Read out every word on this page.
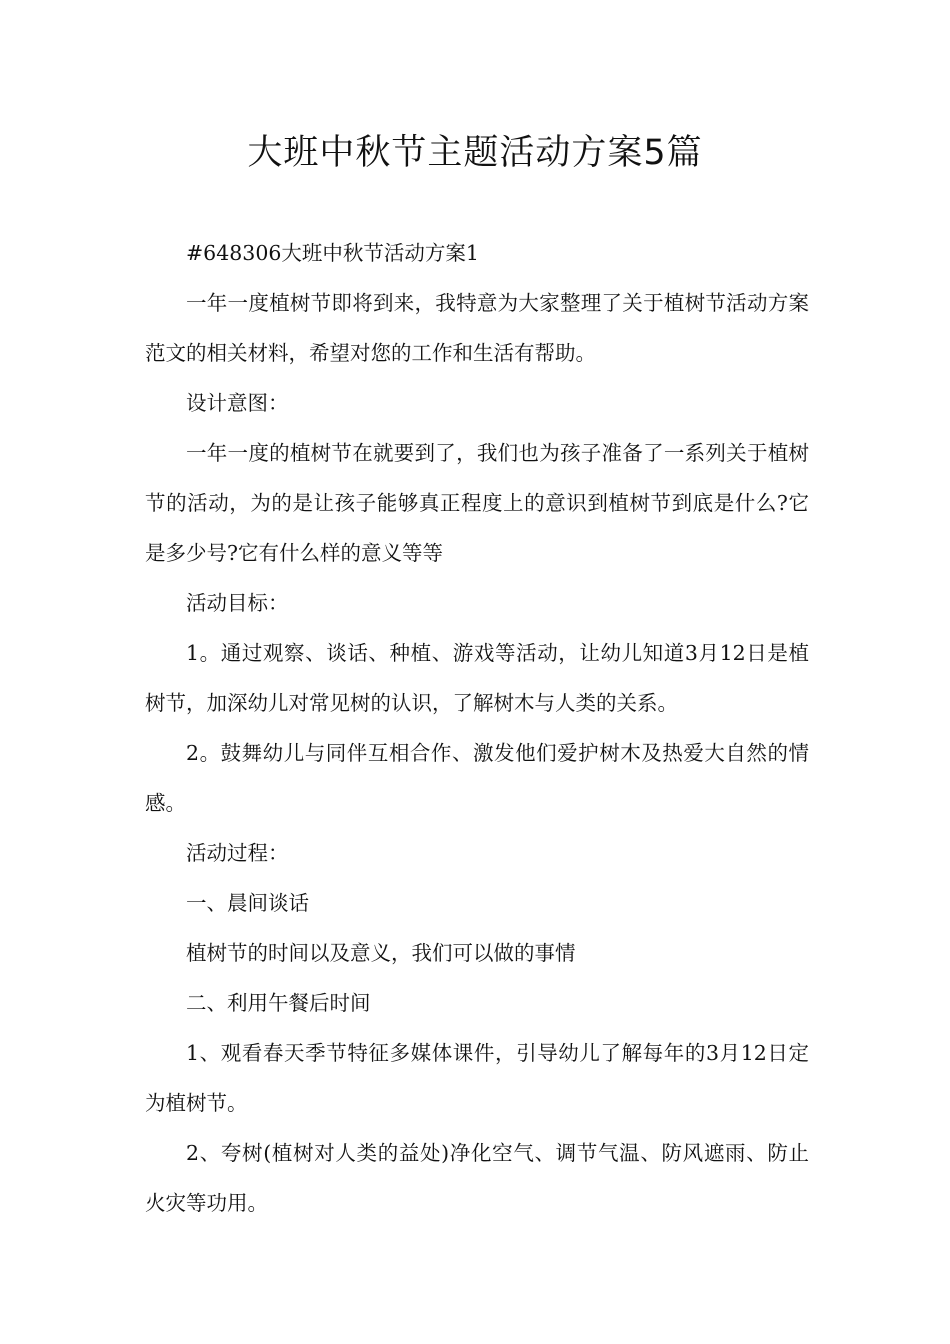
大班中秋节主题活动方案5篇

#648306大班中秋节活动方案1

一年一度植树节即将到来，我特意为大家整理了关于植树节活动方案范文的相关材料，希望对您的工作和生活有帮助。

设计意图：

一年一度的植树节在就要到了，我们也为孩子准备了一系列关于植树节的活动，为的是让孩子能够真正程度上的意识到植树节到底是什么?它是多少号?它有什么样的意义等等

活动目标：

1。通过观察、谈话、种植、游戏等活动，让幼儿知道3月12日是植树节，加深幼儿对常见树的认识，了解树木与人类的关系。

2。鼓舞幼儿与同伴互相合作、激发他们爱护树木及热爱大自然的情感。

活动过程：

一、晨间谈话

植树节的时间以及意义，我们可以做的事情

二、利用午餐后时间

1、观看春天季节特征多媒体课件，引导幼儿了解每年的3月12日定为植树节。

2、夸树(植树对人类的益处)净化空气、调节气温、防风遮雨、防止火灾等功用。
